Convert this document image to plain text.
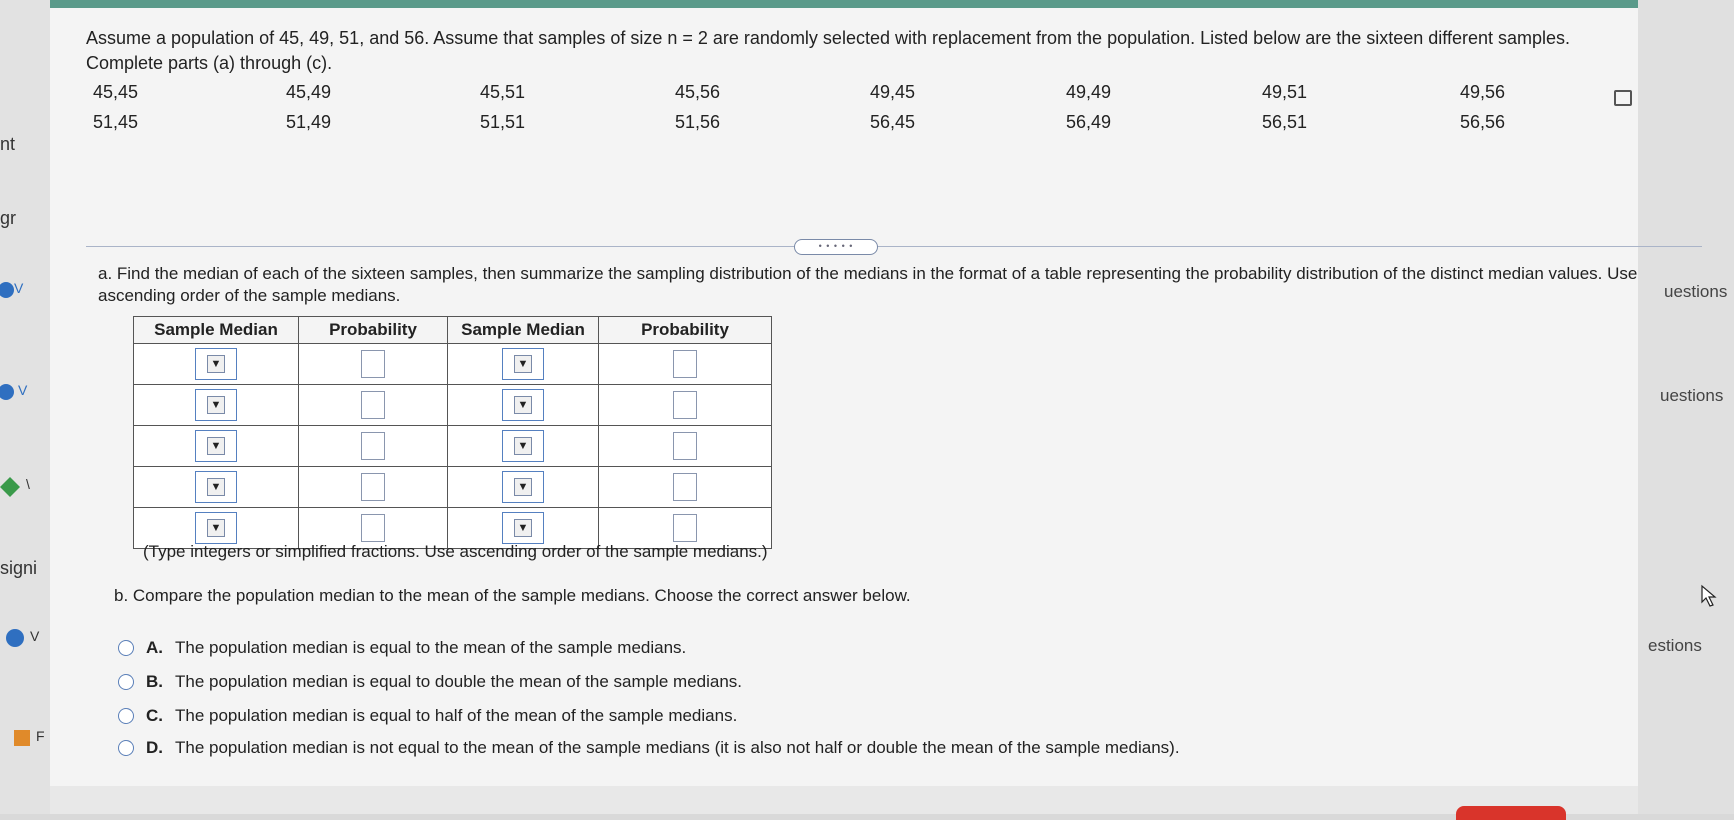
nt
gr
V
V
\
signi
V
F
uestions
uestions
estions
Assume a population of 45, 49, 51, and 56. Assume that samples of size n = 2 are randomly selected with replacement from the population. Listed below are the sixteen different samples. Complete parts (a) through (c).
45,45	45,49	45,51	45,56	49,45	49,49	49,51	49,56
51,45	51,49	51,51	51,56	56,45	56,49	56,51	56,56
• • • • •
a. Find the median of each of the sixteen samples, then summarize the sampling distribution of the medians in the format of a table representing the probability distribution of the distinct median values. Use ascending order of the sample medians.
Sample Median	Probability	Sample Median	Probability

▼		▼	

▼		▼	

▼		▼	

▼		▼	

▼		▼	

(Type integers or simplified fractions. Use ascending order of the sample medians.)
b. Compare the population median to the mean of the sample medians. Choose the correct answer below.
A. The population median is equal to the mean of the sample medians.
B. The population median is equal to double the mean of the sample medians.
C. The population median is equal to half of the mean of the sample medians.
D. The population median is not equal to the mean of the sample medians (it is also not half or double the mean of the sample medians).
